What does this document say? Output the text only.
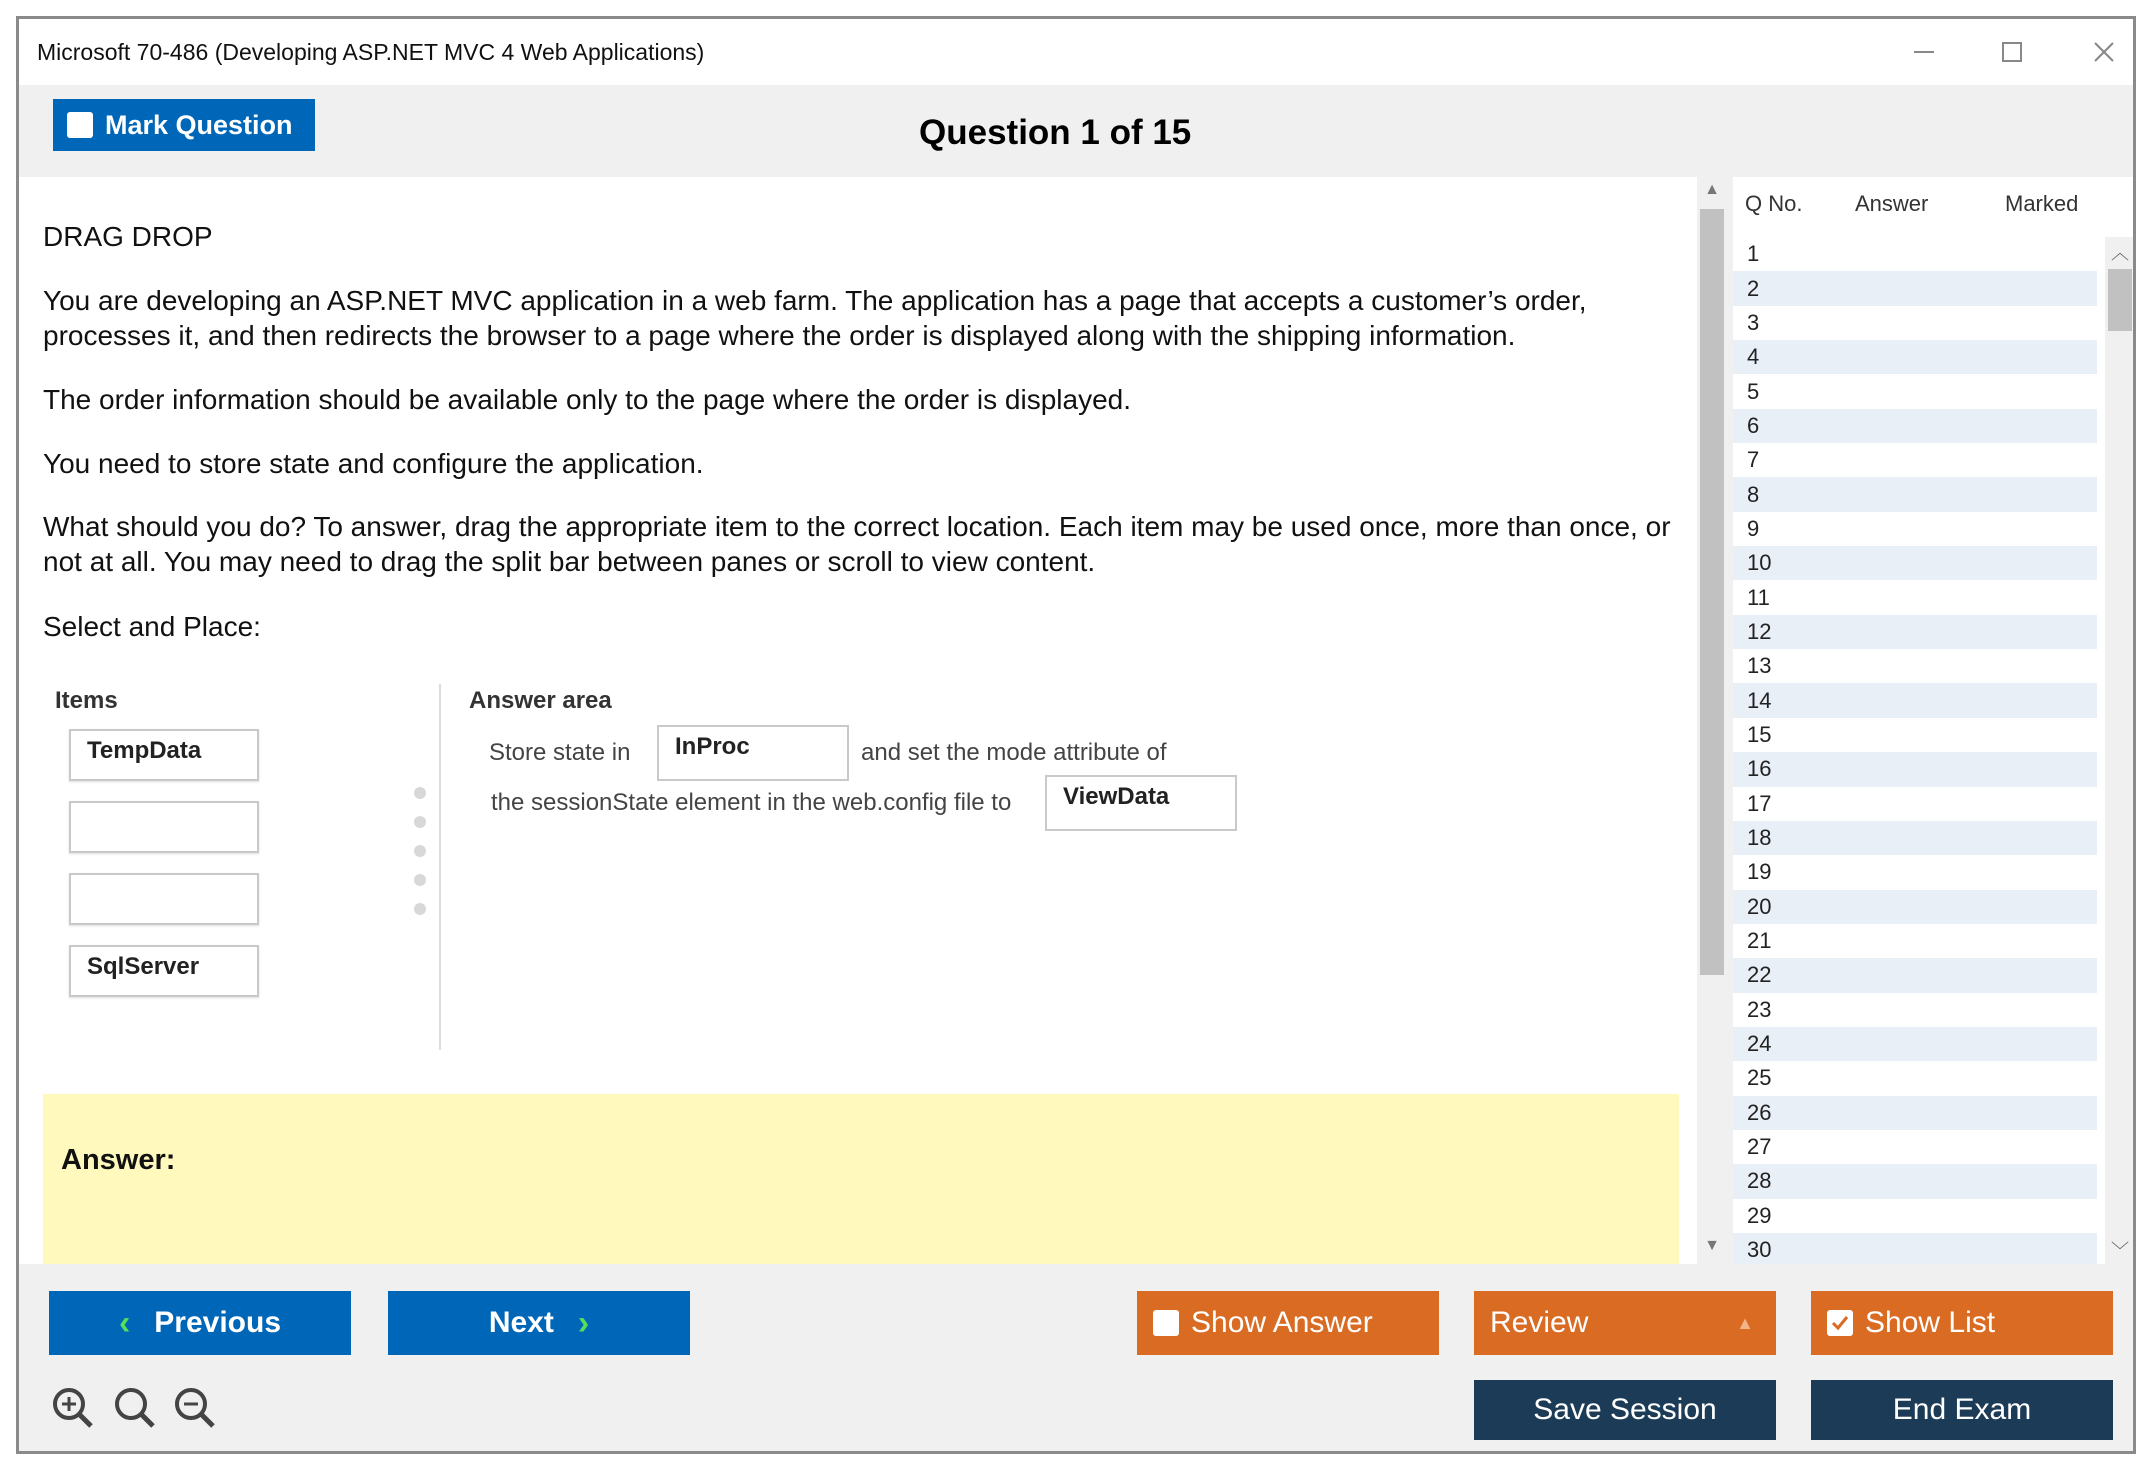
Microsoft 70-486 (Developing ASP.NET MVC 4 Web Applications)
Mark Question	Question 1 of 15

DRAG DROP

You are developing an ASP.NET MVC application in a web farm. The application has a page that accepts a customer’s order, processes it, and then redirects the browser to a page where the order is displayed along with the shipping information.

The order information should be available only to the page where the order is displayed.

You need to store state and configure the application.

What should you do? To answer, drag the appropriate item to the correct location. Each item may be used once, more than once, or not at all. You may need to drag the split bar between panes or scroll to view content.

Select and Place:

Items
TempData
SqlServer
Answer area
Store state in	InProc	and set the mode attribute of
the sessionState element in the web.config file to	ViewData
Answer:
▲
▼
Q No.	Answer	Marked
1
2
3
4
5
6
7
8
9
10
11
12
13
14
15
16
17
18
19
20
21
22
23
24
25
26
27
28
29
30
︿
﹀
‹ Previous	Next ›	Show Answer	Review	▲	Show List
Save Session	End Exam
